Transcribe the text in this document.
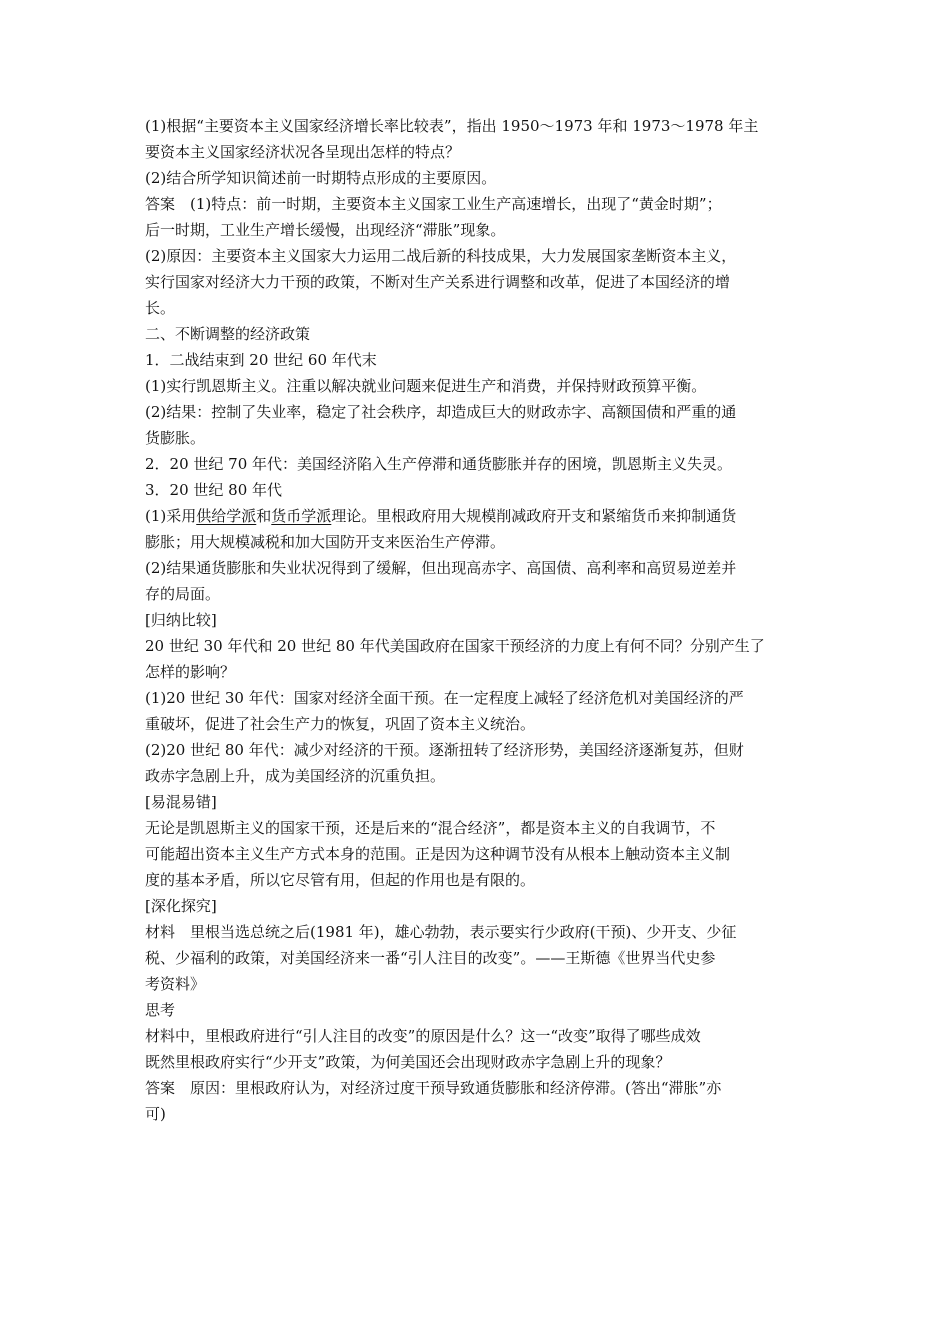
(1)根据“主要资本主义国家经济增长率比较表”，指出 1950～1973 年和 1973～1978 年主
要资本主义国家经济状况各呈现出怎样的特点？
(2)结合所学知识简述前一时期特点形成的主要原因。
答案　(1)特点：前一时期，主要资本主义国家工业生产高速增长，出现了“黄金时期”；
后一时期，工业生产增长缓慢，出现经济“滞胀”现象。
(2)原因：主要资本主义国家大力运用二战后新的科技成果，大力发展国家垄断资本主义，
实行国家对经济大力干预的政策，不断对生产关系进行调整和改革，促进了本国经济的增
长。
二、不断调整的经济政策
1．二战结束到 20 世纪 60 年代末
(1)实行凯恩斯主义。注重以解决就业问题来促进生产和消费，并保持财政预算平衡。
(2)结果：控制了失业率，稳定了社会秩序，却造成巨大的财政赤字、高额国债和严重的通
货膨胀。
2．20 世纪 70 年代：美国经济陷入生产停滞和通货膨胀并存的困境，凯恩斯主义失灵。
3．20 世纪 80 年代
(1)采用供给学派和货币学派理论。里根政府用大规模削减政府开支和紧缩货币来抑制通货
膨胀；用大规模减税和加大国防开支来医治生产停滞。
(2)结果通货膨胀和失业状况得到了缓解，但出现高赤字、高国债、高利率和高贸易逆差并
存的局面。
[归纳比较]
20 世纪 30 年代和 20 世纪 80 年代美国政府在国家干预经济的力度上有何不同？分别产生了
怎样的影响？
(1)20 世纪 30 年代：国家对经济全面干预。在一定程度上减轻了经济危机对美国经济的严
重破坏，促进了社会生产力的恢复，巩固了资本主义统治。
(2)20 世纪 80 年代：减少对经济的干预。逐渐扭转了经济形势，美国经济逐渐复苏，但财
政赤字急剧上升，成为美国经济的沉重负担。
[易混易错]
无论是凯恩斯主义的国家干预，还是后来的“混合经济”，都是资本主义的自我调节，不
可能超出资本主义生产方式本身的范围。正是因为这种调节没有从根本上触动资本主义制
度的基本矛盾，所以它尽管有用，但起的作用也是有限的。
[深化探究]
材料　里根当选总统之后(1981 年)，雄心勃勃，表示要实行少政府(干预)、少开支、少征
税、少福利的政策，对美国经济来一番“引人注目的改变”。——王斯德《世界当代史参
考资料》
思考
材料中，里根政府进行“引人注目的改变”的原因是什么？这一“改变”取得了哪些成效
既然里根政府实行“少开支”政策，为何美国还会出现财政赤字急剧上升的现象？
答案　原因：里根政府认为，对经济过度干预导致通货膨胀和经济停滞。(答出“滞胀”亦
可)
